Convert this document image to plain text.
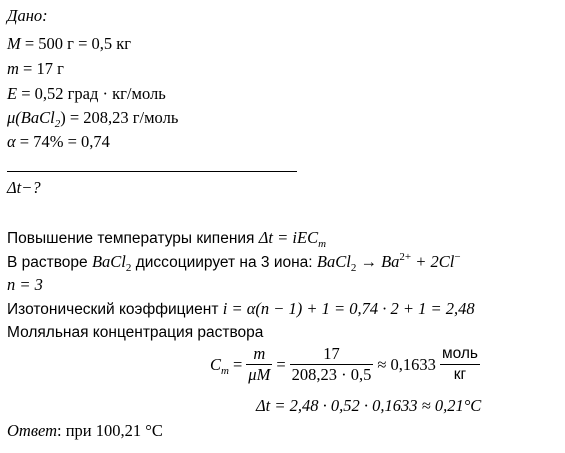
Дано:
M = 500 г = 0,5 кг
m = 17 г
E = 0,52 град · кг/моль
μ(BaCl$_2$) = 208,23 г/моль
α = 74% = 0,74
Δt−?
Повышение температуры кипения Δt = iEC$_m$
В растворе BaCl$_2$ диссоциирует на 3 иона: BaCl$_2$ → $Ba^{2+} + 2Cl^-$
n = 3
Изотонический коэффициент i = α(n − 1) + 1 = 0,74 · 2 + 1 = 2,48
Моляльная концентрация раствора
$C_m = \frac{m}{\mu M} = \frac{17}{208,23 \cdot 0,5} \approx 0,1633 \frac{\text{моль}}{кг}$
Δt = 2,48 · 0,52 · 0,1633 ≈ 0,21°C
Ответ: при 100,21 °С
